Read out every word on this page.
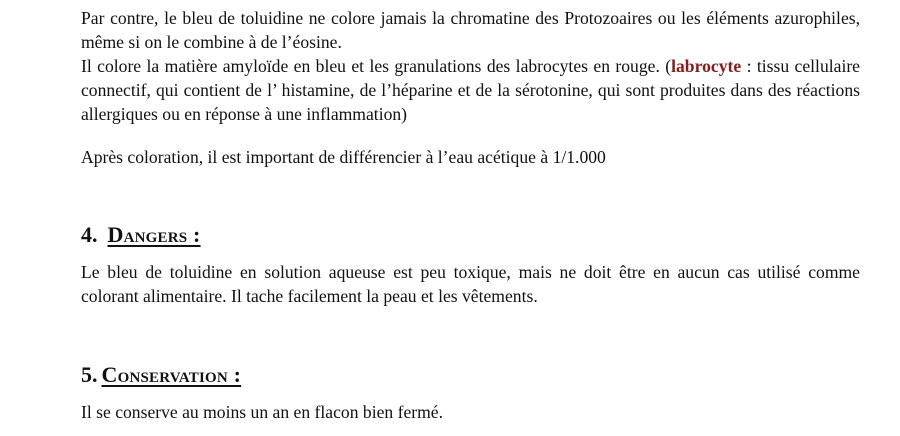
Par contre, le bleu de toluidine ne colore jamais la chromatine des Protozoaires ou les éléments azurophiles, même si on le combine à de l’éosine.

Il colore la matière amyloïde en bleu et les granulations des labrocytes en rouge. (labrocyte : tissu cellulaire connectif, qui contient de l’ histamine, de l’héparine et de la sérotonine, qui sont produites dans des réactions allergiques ou en réponse à une inflammation)

Après coloration, il est important de différencier à l’eau acétique à 1/1.000

4. Dangers :

Le bleu de toluidine en solution aqueuse est peu toxique, mais ne doit être en aucun cas utilisé comme colorant alimentaire. Il tache facilement la peau et les vêtements.

5. Conservation :

Il se conserve au moins un an en flacon bien fermé.
